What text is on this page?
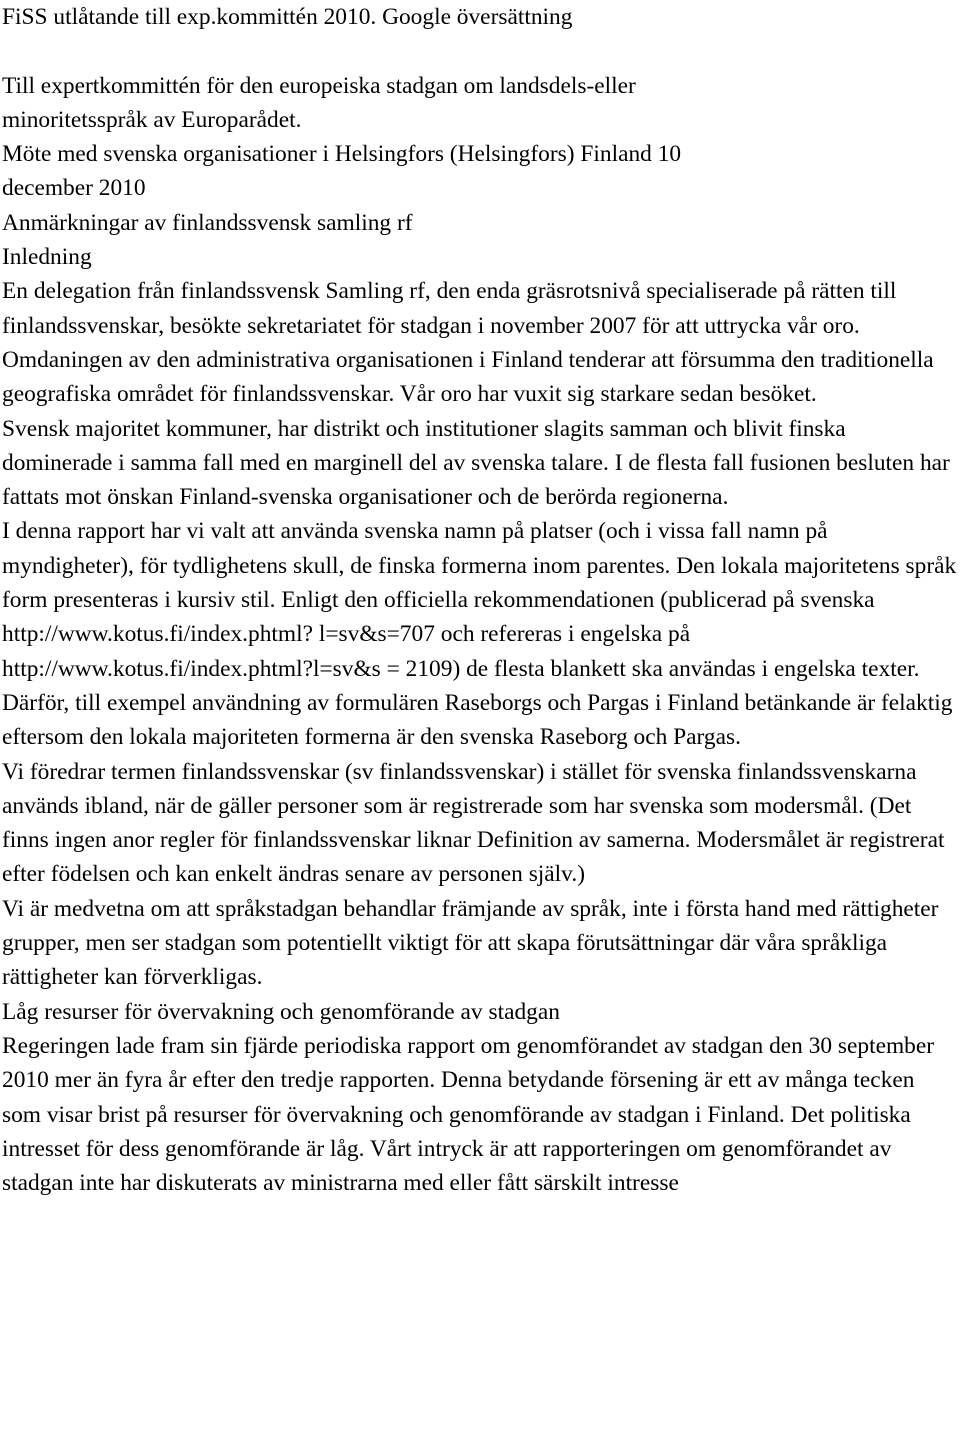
FiSS utlåtande till exp.kommittén 2010. Google översättning
Till expertkommittén för den europeiska stadgan om landsdels-eller
minoritetsspråk av Europarådet.
Möte med svenska organisationer i Helsingfors (Helsingfors) Finland 10
december 2010
Anmärkningar av finlandssvensk samling rf
Inledning
En delegation från finlandssvensk Samling rf, den enda gräsrotsnivå specialiserade på rätten till finlandssvenskar, besökte sekretariatet för stadgan i november 2007 för att uttrycka vår oro. Omdaningen av den administrativa organisationen i Finland tenderar att försumma den traditionella geografiska området för finlandssvenskar. Vår oro har vuxit sig starkare sedan besöket.
Svensk majoritet kommuner, har distrikt och institutioner slagits samman och blivit finska dominerade i samma fall med en marginell del av svenska talare. I de flesta fall fusionen besluten har fattats mot önskan Finland-svenska organisationer och de berörda regionerna.
I denna rapport har vi valt att använda svenska namn på platser (och i vissa fall namn på myndigheter), för tydlighetens skull, de finska formerna inom parentes. Den lokala majoritetens språk form presenteras i kursiv stil. Enligt den officiella rekommendationen (publicerad på svenska http://www.kotus.fi/index.phtml? l=sv&s=707 och refereras i engelska på http://www.kotus.fi/index.phtml?l=sv&s = 2109) de flesta blankett ska användas i engelska texter. Därför, till exempel användning av formulären Raseborgs och Pargas i Finland betänkande är felaktig eftersom den lokala majoriteten formerna är den svenska Raseborg och Pargas.
Vi föredrar termen finlandssvenskar (sv finlandssvenskar) i stället för svenska finlandssvenskarna används ibland, när de gäller personer som är registrerade som har svenska som modersmål. (Det finns ingen anor regler för finlandssvenskar liknar Definition av samerna. Modersmålet är registrerat efter födelsen och kan enkelt ändras senare av personen själv.)
Vi är medvetna om att språkstadgan behandlar främjande av språk, inte i första hand med rättigheter grupper, men ser stadgan som potentiellt viktigt för att skapa förutsättningar där våra språkliga rättigheter kan förverkligas.
Låg resurser för övervakning och genomförande av stadgan
Regeringen lade fram sin fjärde periodiska rapport om genomförandet av stadgan den 30 september 2010 mer än fyra år efter den tredje rapporten. Denna betydande försening är ett av många tecken som visar brist på resurser för övervakning och genomförande av stadgan i Finland. Det politiska intresset för dess genomförande är låg. Vårt intryck är att rapporteringen om genomförandet av stadgan inte har diskuterats av ministrarna med eller fått särskilt intresse
